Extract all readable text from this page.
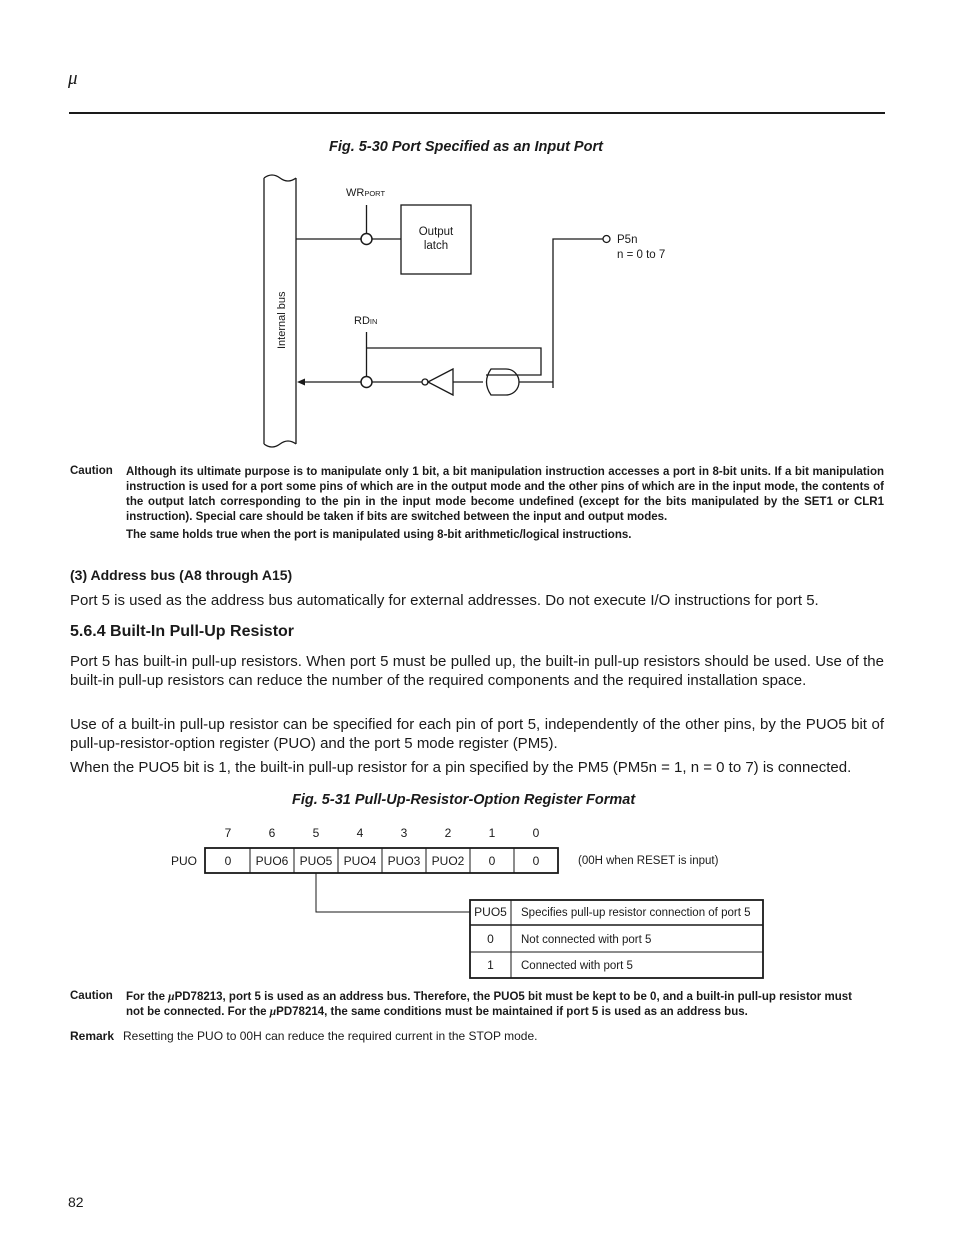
μ
Fig. 5-30 Port Specified as an Input Port
Internal bus
WRPORT
RDIN
Output
latch	P5n
n = 0 to 7
Caution Although its ultimate purpose is to manipulate only 1 bit, a bit manipulation instruction accesses a port in 8-bit units. If a bit manipulation instruction is used for a port some pins of which are in the output mode and the other pins of which are in the input mode, the contents of the output latch corresponding to the pin in the input mode become undefined (except for the bits manipulated by the SET1 or CLR1 instruction). Special care should be taken if bits are switched between the input and output modes.

The same holds true when the port is manipulated using 8-bit arithmetic/logical instructions.

(3) Address bus (A8 through A15)
Port 5 is used as the address bus automatically for external addresses. Do not execute I/O instructions for port 5.
5.6.4 Built-In Pull-Up Resistor
Port 5 has built-in pull-up resistors. When port 5 must be pulled up, the built-in pull-up resistors should be used. Use of the built-in pull-up resistors can reduce the number of the required components and the required installation space.
Use of a built-in pull-up resistor can be specified for each pin of port 5, independently of the other pins, by the PUO5 bit of pull-up-resistor-option register (PUO) and the port 5 mode register (PM5).
When the PUO5 bit is 1, the built-in pull-up resistor for a pin specified by the PM5 (PM5n = 1, n = 0 to 7) is connected.
Fig. 5-31 Pull-Up-Resistor-Option Register Format
7	6	5	4	3	2	1	0
PUO 0 PUO6 PUO5 PUO4 PUO3 PUO2 0	0	(00H when RESET is input)
PUO5 Specifies pull-up resistor connection of port 5
0 Not connected with port 5
1 Connected with port 5
Caution For the μPD78213, port 5 is used as an address bus. Therefore, the PUO5 bit must be kept to be 0, and a built-in pull-up resistor must

not be connected. For the μPD78214, the same conditions must be maintained if port 5 is used as an address bus.

Remark Resetting the PUO to 00H can reduce the required current in the STOP mode.
82
